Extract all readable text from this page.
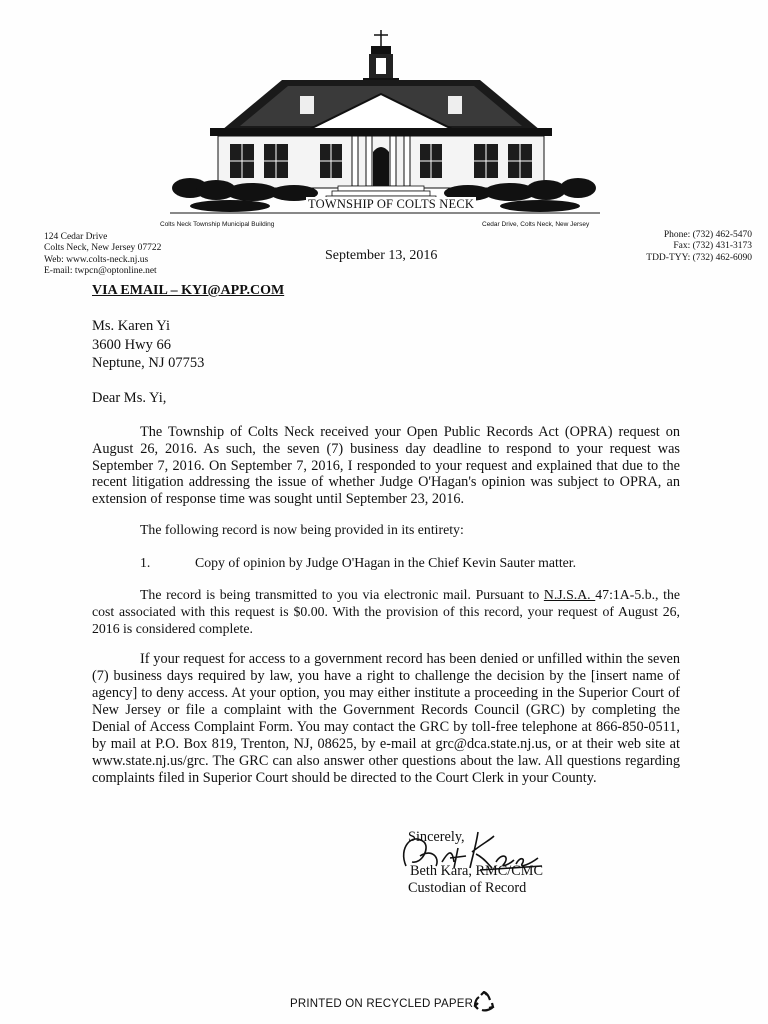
TOWNSHIP OF COLTS NECK
Colts Neck Township Municipal Building	Cedar Drive, Colts Neck, New Jersey
124 Cedar Drive
Colts Neck, New Jersey 07722
Web: www.colts-neck.nj.us
E-mail: twpcn@optonline.net
September 13, 2016
Phone: (732) 462-5470
Fax: (732) 431-3173
TDD-TYY: (732) 462-6090
VIA EMAIL – KYI@APP.COM
Ms. Karen Yi
3600 Hwy 66
Neptune, NJ 07753
Dear Ms. Yi,

The Township of Colts Neck received your Open Public Records Act (OPRA) request on August 26, 2016. As such, the seven (7) business day deadline to respond to your request was September 7, 2016. On September 7, 2016, I responded to your request and explained that due to the recent litigation addressing the issue of whether Judge O'Hagan's opinion was subject to OPRA, an extension of response time was sought until September 23, 2016.

The following record is now being provided in its entirety:

1.	Copy of opinion by Judge O'Hagan in the Chief Kevin Sauter matter.

The record is being transmitted to you via electronic mail. Pursuant to N.J.S.A. 47:1A-5.b., the cost associated with this request is $0.00. With the provision of this record, your request of August 26, 2016 is considered complete.

If your request for access to a government record has been denied or unfilled within the seven (7) business days required by law, you have a right to challenge the decision by the [insert name of agency] to deny access. At your option, you may either institute a proceeding in the Superior Court of New Jersey or file a complaint with the Government Records Council (GRC) by completing the Denial of Access Complaint Form. You may contact the GRC by toll-free telephone at 866-850-0511, by mail at P.O. Box 819, Trenton, NJ, 08625, by e-mail at grc@dca.state.nj.us, or at their web site at www.state.nj.us/grc. The GRC can also answer other questions about the law. All questions regarding complaints filed in Superior Court should be directed to the Court Clerk in your County.

Sincerely,
Beth Kara, RMC/CMC
Custodian of Record
PRINTED ON RECYCLED PAPER
